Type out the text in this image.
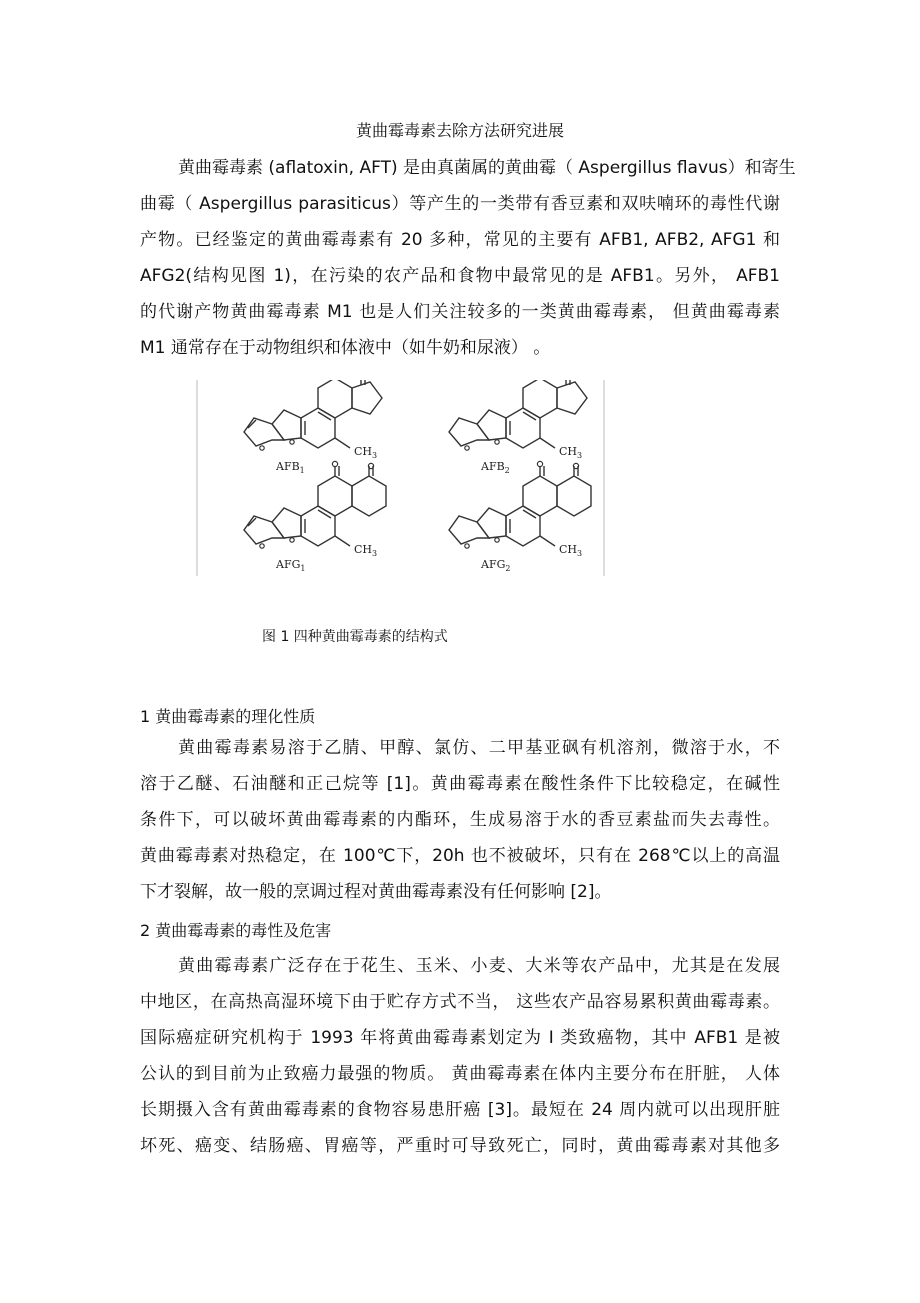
黄曲霉毒素去除方法研究进展
黄曲霉毒素 (aflatoxin, AFT) 是由真菌属的黄曲霉（ Aspergillus flavus）和寄生
曲霉（ Aspergillus parasiticus）等产生的一类带有香豆素和双呋喃环的毒性代谢
产物。已经鉴定的黄曲霉毒素有 20 多种，常见的主要有 AFB1, AFB2, AFG1 和
AFG2(结构见图 1)，在污染的农产品和食物中最常见的是 AFB1。另外， AFB1
的代谢产物黄曲霉毒素 M1 也是人们关注较多的一类黄曲霉毒素， 但黄曲霉毒素
M1 通常存在于动物组织和体液中（如牛奶和尿液） 。
$CH_3$
$AFB_1$
$CH_3$
$AFB_2$
$CH_3$
$AFG_1$
$CH_3$
$AFG_2$
图 1 四种黄曲霉毒素的结构式
1 黄曲霉毒素的理化性质
黄曲霉毒素易溶于乙腈、甲醇、氯仿、二甲基亚砜有机溶剂，微溶于水，不
溶于乙醚、石油醚和正己烷等 [1]。黄曲霉毒素在酸性条件下比较稳定，在碱性
条件下，可以破坏黄曲霉毒素的内酯环，生成易溶于水的香豆素盐而失去毒性。
黄曲霉毒素对热稳定，在 100℃下，20h 也不被破坏，只有在 268℃以上的高温
下才裂解，故一般的烹调过程对黄曲霉毒素没有任何影响 [2]。
2 黄曲霉毒素的毒性及危害
黄曲霉毒素广泛存在于花生、玉米、小麦、大米等农产品中，尤其是在发展
中地区，在高热高湿环境下由于贮存方式不当， 这些农产品容易累积黄曲霉毒素。
国际癌症研究机构于 1993 年将黄曲霉毒素划定为 I 类致癌物，其中 AFB1 是被
公认的到目前为止致癌力最强的物质。 黄曲霉毒素在体内主要分布在肝脏， 人体
长期摄入含有黄曲霉毒素的食物容易患肝癌 [3]。最短在 24 周内就可以出现肝脏
坏死、癌变、结肠癌、胃癌等，严重时可导致死亡，同时，黄曲霉毒素对其他多
